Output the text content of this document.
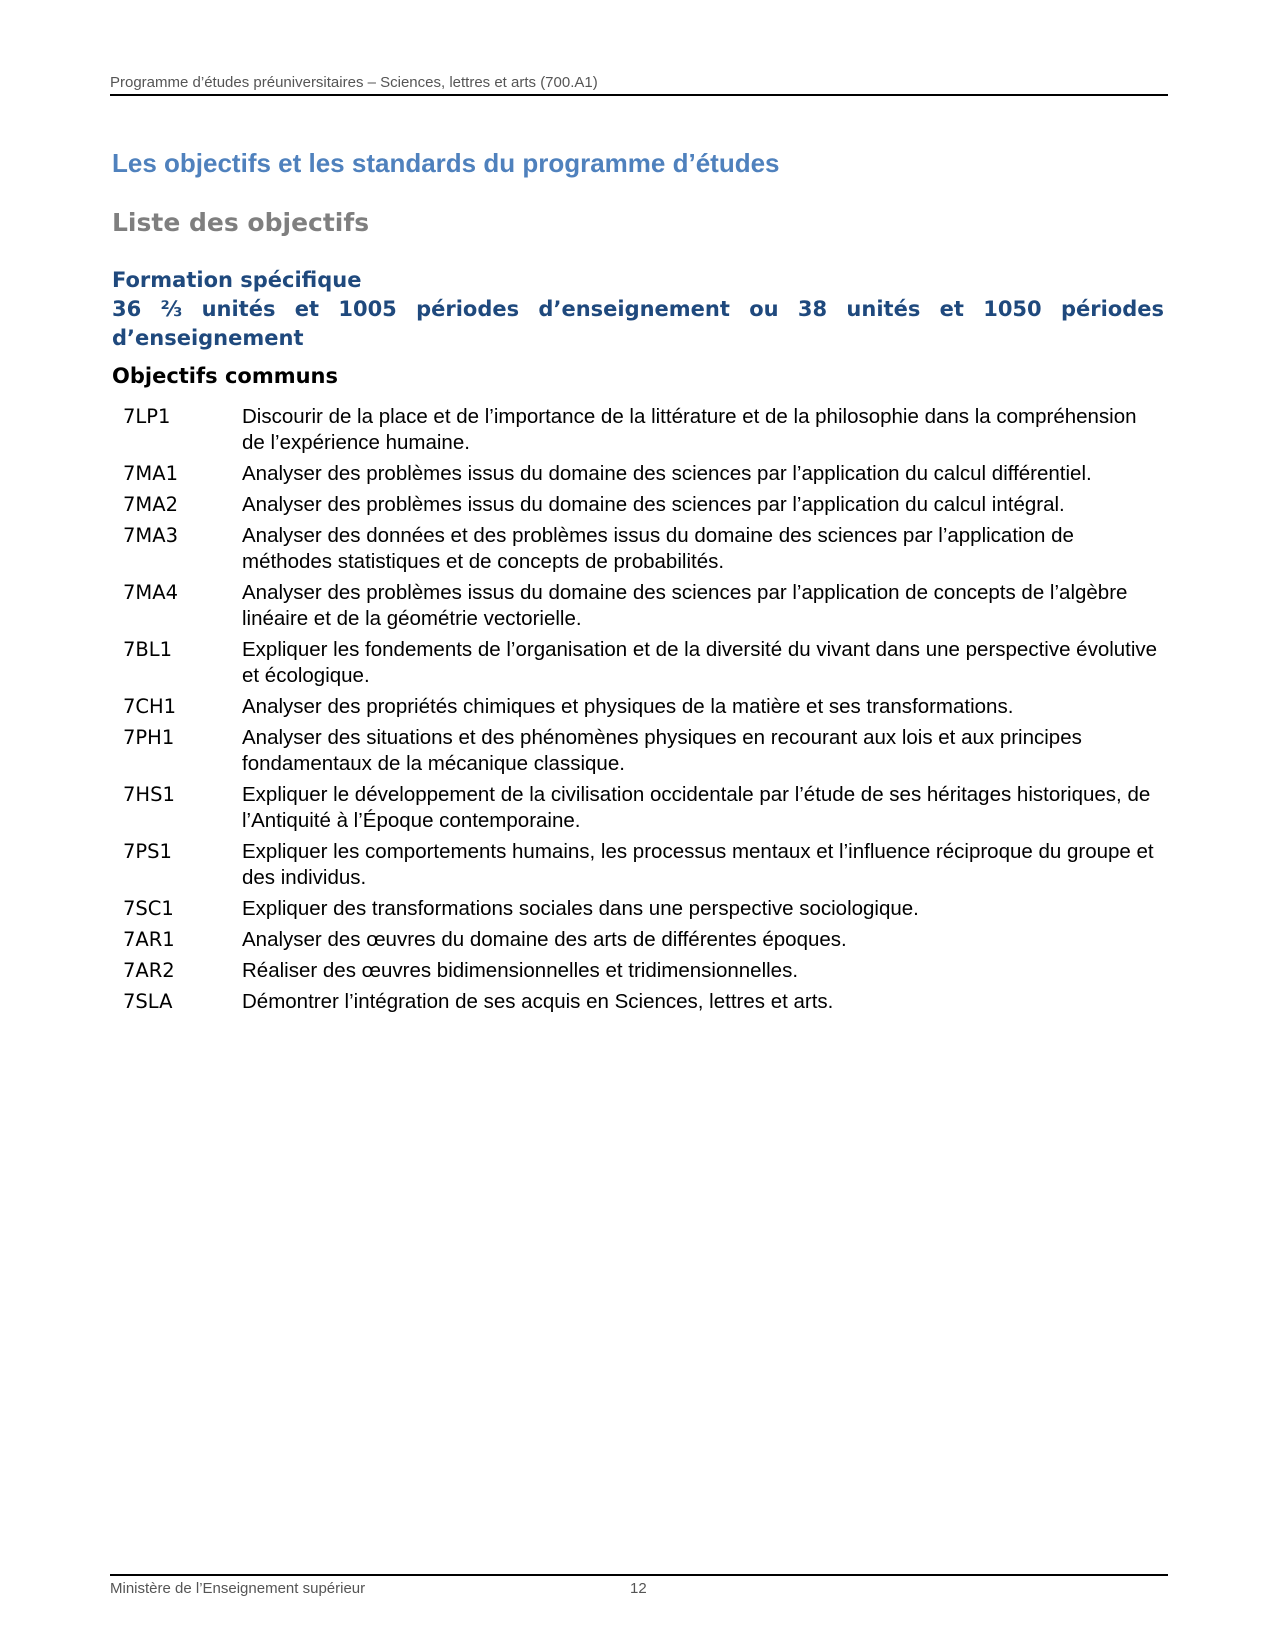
Programme d’études préuniversitaires – Sciences, lettres et arts (700.A1)
Les objectifs et les standards du programme d’études
Liste des objectifs
Formation spécifique
36 ⅔ unités et 1005 périodes d’enseignement ou 38 unités et 1050 périodes d’enseignement
Objectifs communs
7LP1	Discourir de la place et de l’importance de la littérature et de la philosophie dans la compréhension de l’expérience humaine.
7MA1	Analyser des problèmes issus du domaine des sciences par l’application du calcul différentiel.
7MA2	Analyser des problèmes issus du domaine des sciences par l’application du calcul intégral.
7MA3	Analyser des données et des problèmes issus du domaine des sciences par l’application de méthodes statistiques et de concepts de probabilités.
7MA4	Analyser des problèmes issus du domaine des sciences par l’application de concepts de l’algèbre linéaire et de la géométrie vectorielle.
7BL1	Expliquer les fondements de l’organisation et de la diversité du vivant dans une perspective évolutive et écologique.
7CH1	Analyser des propriétés chimiques et physiques de la matière et ses transformations.
7PH1	Analyser des situations et des phénomènes physiques en recourant aux lois et aux principes fondamentaux de la mécanique classique.
7HS1	Expliquer le développement de la civilisation occidentale par l’étude de ses héritages historiques, de l’Antiquité à l’Époque contemporaine.
7PS1	Expliquer les comportements humains, les processus mentaux et l’influence réciproque du groupe et des individus.
7SC1	Expliquer des transformations sociales dans une perspective sociologique.
7AR1	Analyser des œuvres du domaine des arts de différentes époques.
7AR2	Réaliser des œuvres bidimensionnelles et tridimensionnelles.
7SLA	Démontrer l’intégration de ses acquis en Sciences, lettres et arts.
Ministère de l’Enseignement supérieur	12
